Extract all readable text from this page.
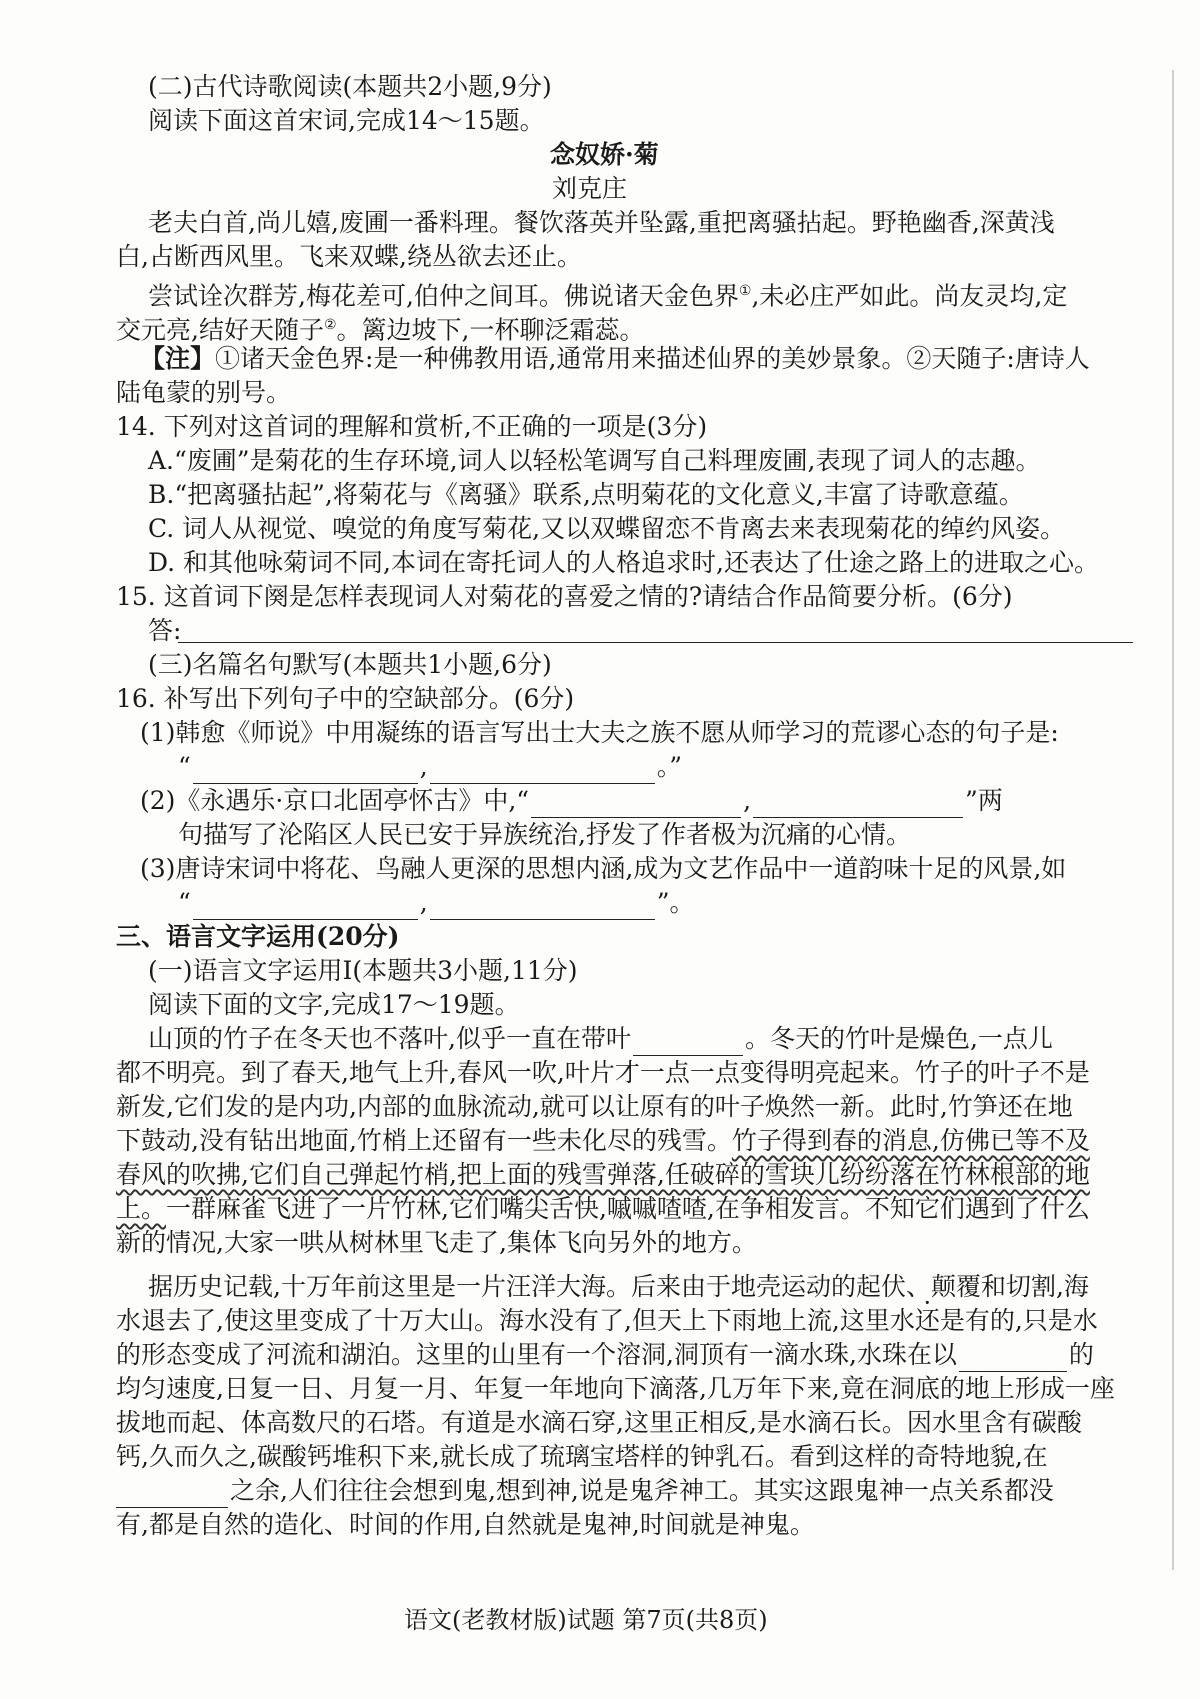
(二)古代诗歌阅读(本题共2小题,9分)
阅读下面这首宋词,完成14～15题。
念奴娇·菊
刘克庄
老夫白首,尚儿嬉,废圃一番料理。餐饮落英并坠露,重把离骚拈起。野艳幽香,深黄浅
白,占断西风里。飞来双蝶,绕丛欲去还止。
尝试诠次群芳,梅花差可,伯仲之间耳。佛说诸天金色界①,未必庄严如此。尚友灵均,定
交元亮,结好天随子②。篱边坡下,一杯聊泛霜蕊。
【注】①诸天金色界:是一种佛教用语,通常用来描述仙界的美妙景象。②天随子:唐诗人
陆龟蒙的别号。
14. 下列对这首词的理解和赏析,不正确的一项是(3分)
A.“废圃”是菊花的生存环境,词人以轻松笔调写自己料理废圃,表现了词人的志趣。
B.“把离骚拈起”,将菊花与《离骚》联系,点明菊花的文化意义,丰富了诗歌意蕴。
C. 词人从视觉、嗅觉的角度写菊花,又以双蝶留恋不肯离去来表现菊花的绰约风姿。
D. 和其他咏菊词不同,本词在寄托词人的人格追求时,还表达了仕途之路上的进取之心。
15. 这首词下阕是怎样表现词人对菊花的喜爱之情的?请结合作品简要分析。(6分)
答:
(三)名篇名句默写(本题共1小题,6分)
16. 补写出下列句子中的空缺部分。(6分)
(1)韩愈《师说》中用凝练的语言写出士大夫之族不愿从师学习的荒谬心态的句子是:
“	,	。”
(2)《永遇乐·京口北固亭怀古》中,“	,	”两
句描写了沦陷区人民已安于异族统治,抒发了作者极为沉痛的心情。
(3)唐诗宋词中将花、鸟融人更深的思想内涵,成为文艺作品中一道韵味十足的风景,如
“	,	”。
三、语言文字运用(20分)
(一)语言文字运用Ⅰ(本题共3小题,11分)
阅读下面的文字,完成17～19题。
山顶的竹子在冬天也不落叶,似乎一直在带叶	。冬天的竹叶是燥色,一点儿
都不明亮。到了春天,地气上升,春风一吹,叶片才一点一点变得明亮起来。竹子的叶子不是
新发,它们发的是内功,内部的血脉流动,就可以让原有的叶子焕然一新。此时,竹笋还在地
下鼓动,没有钻出地面,竹梢上还留有一些未化尽的残雪。竹子得到春的消息,仿佛已等不及
春风的吹拂,它们自己弹起竹梢,把上面的残雪弹落,任破碎的雪块儿纷纷落在竹林根部的地
上。一群麻雀飞进了一片竹林,它们嘴尖舌快,嘁嘁喳喳,在争相发言。不知它们遇到了什么
新的情况,大家一哄从树林里飞走了,集体飞向另外的地方。
据历史记载,十万年前这里是一片汪洋大海。后来由于地壳运动的起伏、颠覆和切割,海
水退去了,使这里变成了十万大山。海水没有了,但天上下雨地上流,这里水还是有的,只是水
的形态变成了河流和湖泊。这里的山里有一个溶洞,洞顶有一滴水珠,水珠在以	的
均匀速度,日复一日、月复一月、年复一年地向下滴落,几万年下来,竟在洞底的地上形成一座
拔地而起、体高数尺的石塔。有道是水滴石穿,这里正相反,是水滴石长。因水里含有碳酸
钙,久而久之,碳酸钙堆积下来,就长成了琉璃宝塔样的钟乳石。看到这样的奇特地貌,在
之余,人们往往会想到鬼,想到神,说是鬼斧神工。其实这跟鬼神一点关系都没
有,都是自然的造化、时间的作用,自然就是鬼神,时间就是神鬼。
语文(老教材版)试题 第7页(共8页)
